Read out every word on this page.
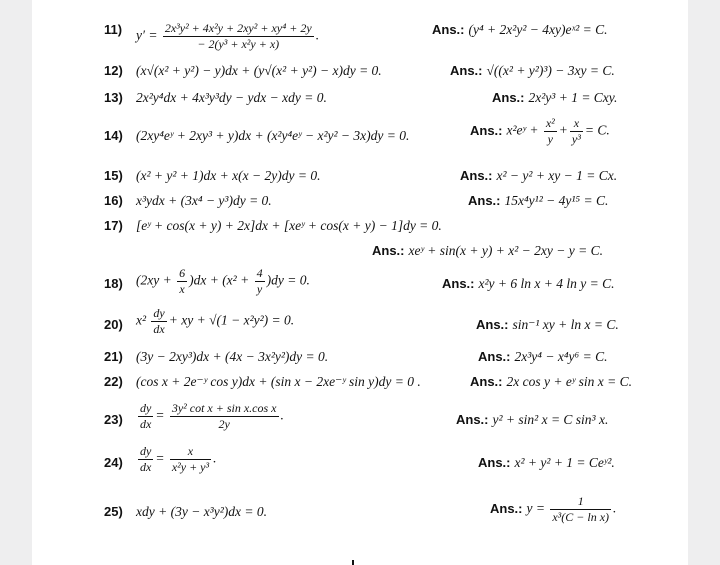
11) $y' = \frac{\text{2x³y² + 4x²y + 2xy² + xy⁴ + 2y}}{\text{− 2(y³ + x²y + x)}}$ .	Ans.: (y⁴ + 2x²y² − 4xy)eˣ² = C.
12) (x√(x² + y²) − y)dx + (y√(x² + y²) − x)dy = 0.	Ans.: √((x² + y²)³) − 3xy = C.
13) 2x²y⁴dx + 4x³y³dy − ydx − xdy = 0.	Ans.: 2x²y³ + 1 = Cxy.
14) (2xy⁴eʸ + 2xy³ + y)dx + (x²y⁴eʸ − x²y² − 3x)dy = 0.	Ans.: x²eʸ + $\frac{\text{x²}}{y} + \frac{x}{\text{y³}} = C$.
15) (x² + y² + 1)dx + x(x − 2y)dy = 0.	Ans.: x² − y² + xy − 1 = Cx.
16) x³ydx + (3x⁴ − y³)dy = 0.	Ans.: 15x⁴y¹² − 4y¹⁵ = C.
17) [eʸ + cos(x + y) + 2x]dx + [xeʸ + cos(x + y) − 1]dy = 0.
Ans.: xeʸ + sin(x + y) + x² − 2xy − y = C.
18) $(2xy + \frac{6}{x} )dx + (x^2 + \frac{4}{y} )dy = 0$.	Ans.: x²y + 6 ln x + 4 ln y = C.
20) $x^2 \frac{dy}{dx}$ + xy + √(1 − x²y²) = 0.	Ans.: sin⁻¹ xy + ln x = C.
21) (3y − 2xy³)dx + (4x − 3x²y²)dy = 0.	Ans.: 2x³y⁴ − x⁴y⁶ = C.
22) (cos x + 2e⁻ʸ cos y)dx + (sin x − 2xe⁻ʸ sin y)dy = 0 .	Ans.: 2x cos y + eʸ sin x = C.
$23) \frac{dy}{dx} = \frac{\text{3y² cot x + sin x.cos x}}{2y}$ .	Ans.: y² + sin² x = C sin³ x.
$24) \frac{dy}{dx} = \frac{x}{\text{x²y + y³}}$ .	Ans.: x² + y² + 1 = Ceʸ².
25) xdy + (3y − x³y²)dx = 0.	Ans.: $y = \frac{1}{\text{x³(C − ln x)}}$ .
